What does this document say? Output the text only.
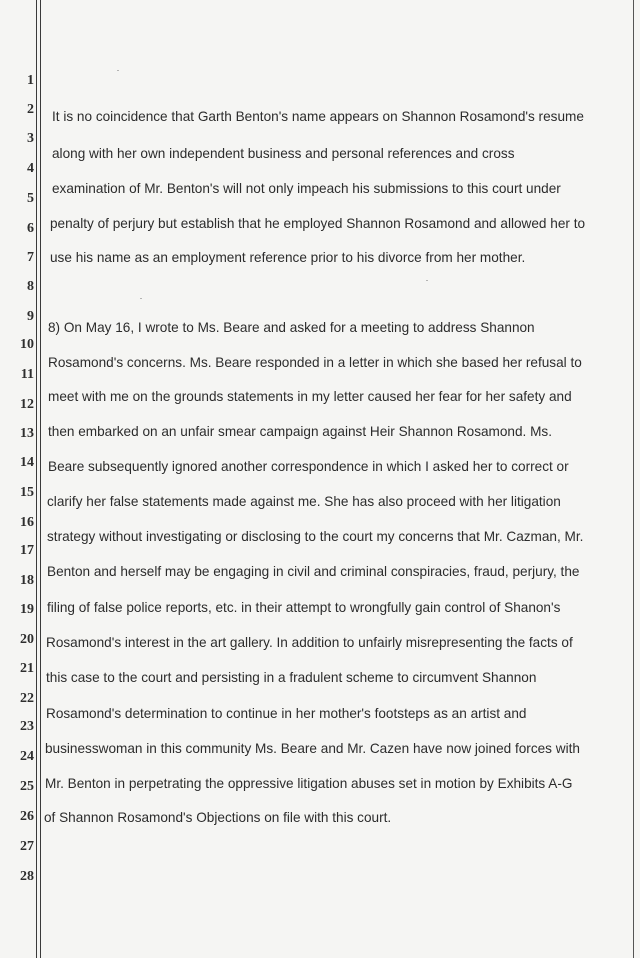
1
2
3
4
5
6
7
8
9
10
11
12
13
14
15
16
17
18
19
20
21
22
23
24
25
26
27
28
It is no coincidence that Garth Benton's name appears on Shannon Rosamond's resume
along with her own independent business and personal references and cross
examination of Mr. Benton's will not only impeach his submissions to this court under
penalty of perjury but establish that he employed Shannon Rosamond and allowed her to
use his name as an employment reference prior to his divorce from her mother.
8) On May 16, I wrote to Ms. Beare and asked for a meeting to address Shannon
Rosamond's concerns. Ms. Beare responded in a letter in which she based her refusal to
meet with me on the grounds statements in my letter caused her fear for her safety and
then embarked on an unfair smear campaign against Heir Shannon Rosamond. Ms.
Beare subsequently ignored another correspondence in which I asked her to correct or
clarify her false statements made against me. She has also proceed with her litigation
strategy without investigating or disclosing to the court my concerns that Mr. Cazman, Mr.
Benton and herself may be engaging in civil and criminal conspiracies, fraud, perjury, the
filing of false police reports, etc. in their attempt to wrongfully gain control of Shanon's
Rosamond's interest in the art gallery. In addition to unfairly misrepresenting the facts of
this case to the court and persisting in a fradulent scheme to circumvent Shannon
Rosamond's determination to continue in her mother's footsteps as an artist and
businesswoman in this community Ms. Beare and Mr. Cazen have now joined forces with
Mr. Benton in perpetrating the oppressive litigation abuses set in motion by Exhibits A-G
of Shannon Rosamond's Objections on file with this court.
